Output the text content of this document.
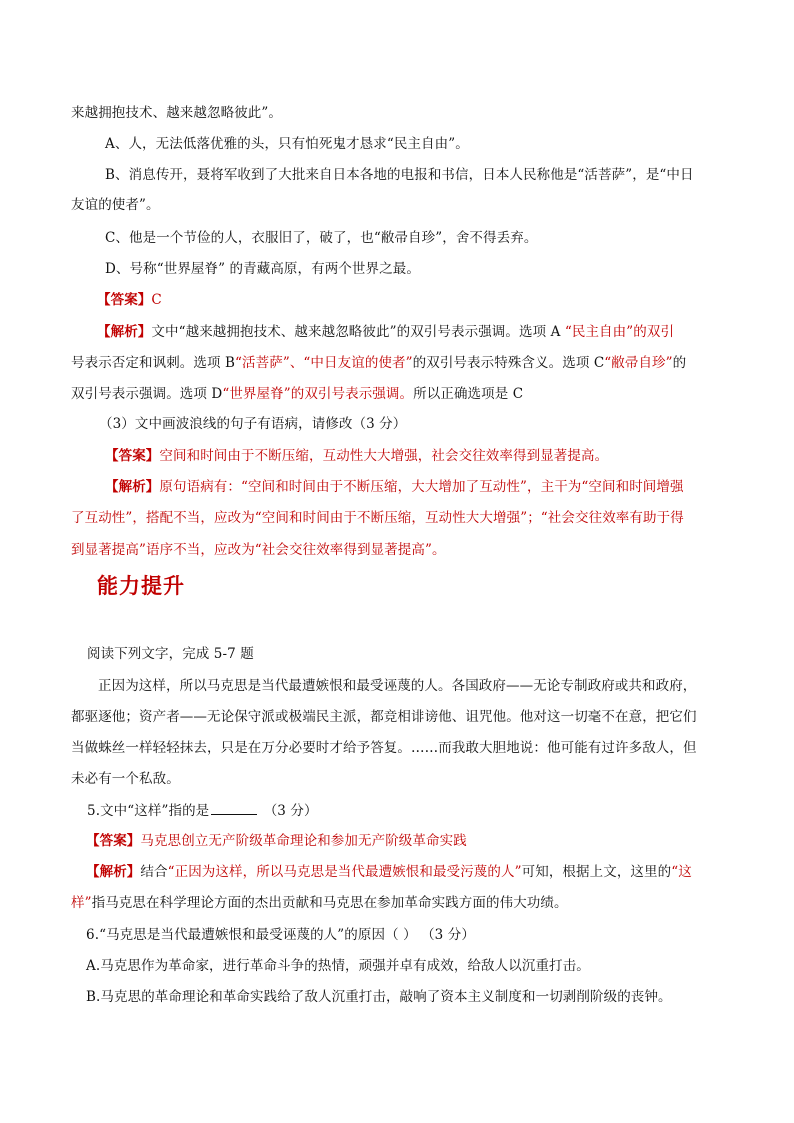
来越拥抱技术、越来越忽略彼此”。
A、人，无法低落优雅的头，只有怕死鬼才恳求“民主自由”。
B、消息传开，聂将军收到了大批来自日本各地的电报和书信，日本人民称他是“活菩萨”，是“中日
友谊的使者”。
C、他是一个节俭的人，衣服旧了，破了，也“敝帚自珍”，舍不得丢弃。
D、号称“世界屋脊” 的青藏高原，有两个世界之最。
【答案】C
【解析】文中“越来越拥抱技术、越来越忽略彼此”的双引号表示强调。选项 A “民主自由”的双引
号表示否定和讽刺。选项 B“活菩萨”、“中日友谊的使者”的双引号表示特殊含义。选项 C“敝帚自珍”的
双引号表示强调。选项 D“世界屋脊”的双引号表示强调。所以正确选项是 C
（3）文中画波浪线的句子有语病，请修改（3 分）
【答案】空间和时间由于不断压缩，互动性大大增强，社会交往效率得到显著提高。
【解析】原句语病有：“空间和时间由于不断压缩，大大增加了互动性”，主干为“空间和时间增强
了互动性”，搭配不当，应改为“空间和时间由于不断压缩，互动性大大增强”；“社会交往效率有助于得
到显著提高”语序不当，应改为“社会交往效率得到显著提高”。
能力提升
阅读下列文字，完成 5-7 题
正因为这样，所以马克思是当代最遭嫉恨和最受诬蔑的人。各国政府——无论专制政府或共和政府，
都驱逐他；资产者——无论保守派或极端民主派，都竞相诽谤他、诅咒他。他对这一切毫不在意，把它们
当做蛛丝一样轻轻抹去，只是在万分必要时才给予答复。……而我敢大胆地说：他可能有过许多敌人，但
未必有一个私敌。
5.文中“这样”指的是	（3 分）
【答案】马克思创立无产阶级革命理论和参加无产阶级革命实践
【解析】结合“正因为这样，所以马克思是当代最遭嫉恨和最受污蔑的人”可知，根据上文，这里的“这
样”指马克思在科学理论方面的杰出贡献和马克思在参加革命实践方面的伟大功绩。
6.“马克思是当代最遭嫉恨和最受诬蔑的人”的原因（ ） （3 分）
A.马克思作为革命家，进行革命斗争的热情，顽强并卓有成效，给敌人以沉重打击。
B.马克思的革命理论和革命实践给了敌人沉重打击，敲响了资本主义制度和一切剥削阶级的丧钟。
